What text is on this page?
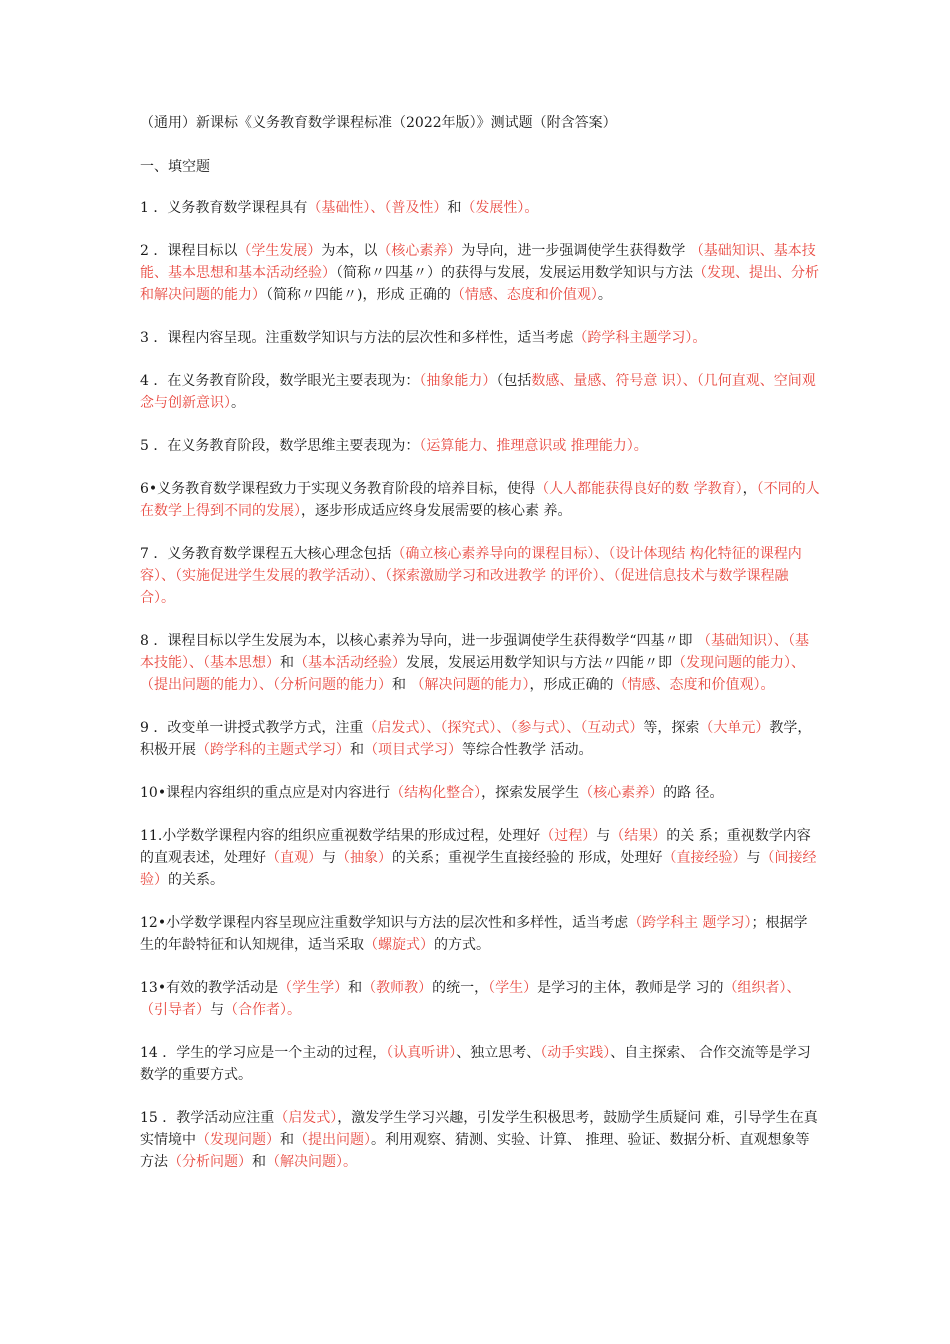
（通用）新课标《义务教育数学课程标准（2022年版）》测试题（附含答案）
一、填空题
1 ．义务教育数学课程具有（基础性）、（普及性）和（发展性）。
2 ．课程目标以（学生发展）为本，以（核心素养）为导向，进一步强调使学生获得数学 （基础知识、基本技能、基本思想和基本活动经验）（简称〃四基〃）的获得与发展，发展运用数学知识与方法（发现、提出、分析和解决问题的能力）（简称〃四能〃)，形成 正确的（情感、态度和价值观）。
3 ．课程内容呈现。注重数学知识与方法的层次性和多样性，适当考虑（跨学科主题学习）。
4 ．在义务教育阶段，数学眼光主要表现为：（抽象能力）（包括数感、量感、符号意 识）、（几何直观、空间观念与创新意识）。
5 ．在义务教育阶段，数学思维主要表现为：（运算能力、推理意识或 推理能力）。
6•义务教育数学课程致力于实现义务教育阶段的培养目标，使得（人人都能获得良好的数 学教育），（不同的人在数学上得到不同的发展），逐步形成适应终身发展需要的核心素 养。
7 ．义务教育数学课程五大核心理念包括（确立核心素养导向的课程目标）、（设计体现结 构化特征的课程内容）、（实施促进学生发展的教学活动）、（探索激励学习和改进教学 的评价）、（促进信息技术与数学课程融合）。
8 ．课程目标以学生发展为本，以核心素养为导向，进一步强调使学生获得数学“四基〃即 （基础知识）、（基本技能）、（基本思想）和（基本活动经验）发展，发展运用数学知识与方法〃四能〃即（发现问题的能力）、（提出问题的能力）、（分析问题的能力）和 （解决问题的能力），形成正确的（情感、态度和价值观）。
9 ．改变单一讲授式教学方式，注重（启发式）、（探究式）、（参与式）、（互动式）等，探索（大单元）教学，积极开展（跨学科的主题式学习）和（项目式学习）等综合性教学 活动。
10•课程内容组织的重点应是对内容进行（结构化整合），探索发展学生（核心素养）的路 径。
11.小学数学课程内容的组织应重视数学结果的形成过程，处理好（过程）与（结果）的关 系；重视数学内容的直观表述，处理好（直观）与（抽象）的关系；重视学生直接经验的 形成，处理好（直接经验）与（间接经验）的关系。
12•小学数学课程内容呈现应注重数学知识与方法的层次性和多样性，适当考虑（跨学科主 题学习）；根据学生的年龄特征和认知规律，适当采取（螺旋式）的方式。
13•有效的教学活动是（学生学）和（教师教）的统一，（学生）是学习的主体，教师是学 习的（组织者）、（引导者）与（合作者）。
14 ．学生的学习应是一个主动的过程，（认真听讲）、独立思考、（动手实践）、自主探索、 合作交流等是学习数学的重要方式。
15 ．教学活动应注重（启发式），激发学生学习兴趣，引发学生积极思考，鼓励学生质疑问 难，引导学生在真实情境中（发现问题）和（提出问题）。利用观察、猜测、实验、计算、 推理、验证、数据分析、直观想象等方法（分析问题）和（解决问题）。
